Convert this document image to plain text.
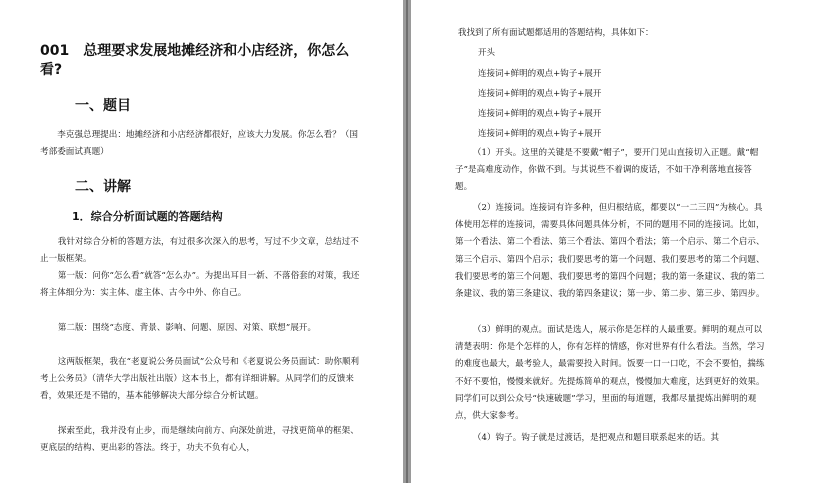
001　总理要求发展地摊经济和小店经济，你怎么看?
一、题目

李克强总理提出：地摊经济和小店经济都很好，应该大力发展。你怎么看？（国考部委面试真题）

二、讲解
1．综合分析面试题的答题结构

我针对综合分析的答题方法，有过很多次深入的思考，写过不少文章，总结过不止一版框架。

第一版：问你“怎么看”就答“怎么办”。为提出耳目一新、不落俗套的对策，我还将主体细分为：实主体、虚主体、古今中外、你自己。

第二版：围绕“态度、背景、影响、问题、原因、对策、联想”展开。

这两版框架，我在“老夏说公务员面试”公众号和《老夏说公务员面试：助你顺利考上公务员》（清华大学出版社出版）这本书上，都有详细讲解。从同学们的反馈来看，效果还是不错的，基本能够解决大部分综合分析试题。

探索至此，我并没有止步，而是继续向前方、向深处前进，寻找更简单的框架、更底层的结构、更出彩的答法。终于，功夫不负有心人，

我找到了所有面试题都适用的答题结构，具体如下：

开头

连接词+鲜明的观点+钩子+展开

连接词+鲜明的观点+钩子+展开

连接词+鲜明的观点+钩子+展开

连接词+鲜明的观点+钩子+展开

（1）开头。这里的关键是不要戴“帽子”，要开门见山直接切入正题。戴“帽子”是高难度动作，你做不到。与其说些不着调的废话，不如干净利落地直接答题。

（2）连接词。连接词有许多种，但归根结底，都要以“一二三四”为核心。具体使用怎样的连接词，需要具体问题具体分析，不同的题用不同的连接词。比如，第一个看法、第二个看法、第三个看法、第四个看法；第一个启示、第二个启示、第三个启示、第四个启示；我们要思考的第一个问题、我们要思考的第二个问题、我们要思考的第三个问题、我们要思考的第四个问题；我的第一条建议、我的第二条建议、我的第三条建议、我的第四条建议；第一步、第二步、第三步、第四步。

（3）鲜明的观点。面试是选人，展示你是怎样的人最重要。鲜明的观点可以清楚表明：你是个怎样的人，你有怎样的情感，你对世界有什么看法。当然，学习的难度也最大，最考验人，最需要投入时间。饭要一口一口吃，不会不要怕，揣练不好不要怕，慢慢来就好。先提炼简单的观点，慢慢加大难度，达到更好的效果。同学们可以到公众号“快速破题”学习，里面的每道题，我都尽量提炼出鲜明的观点，供大家参考。

（4）钩子。钩子就是过渡话，是把观点和题目联系起来的话。其
